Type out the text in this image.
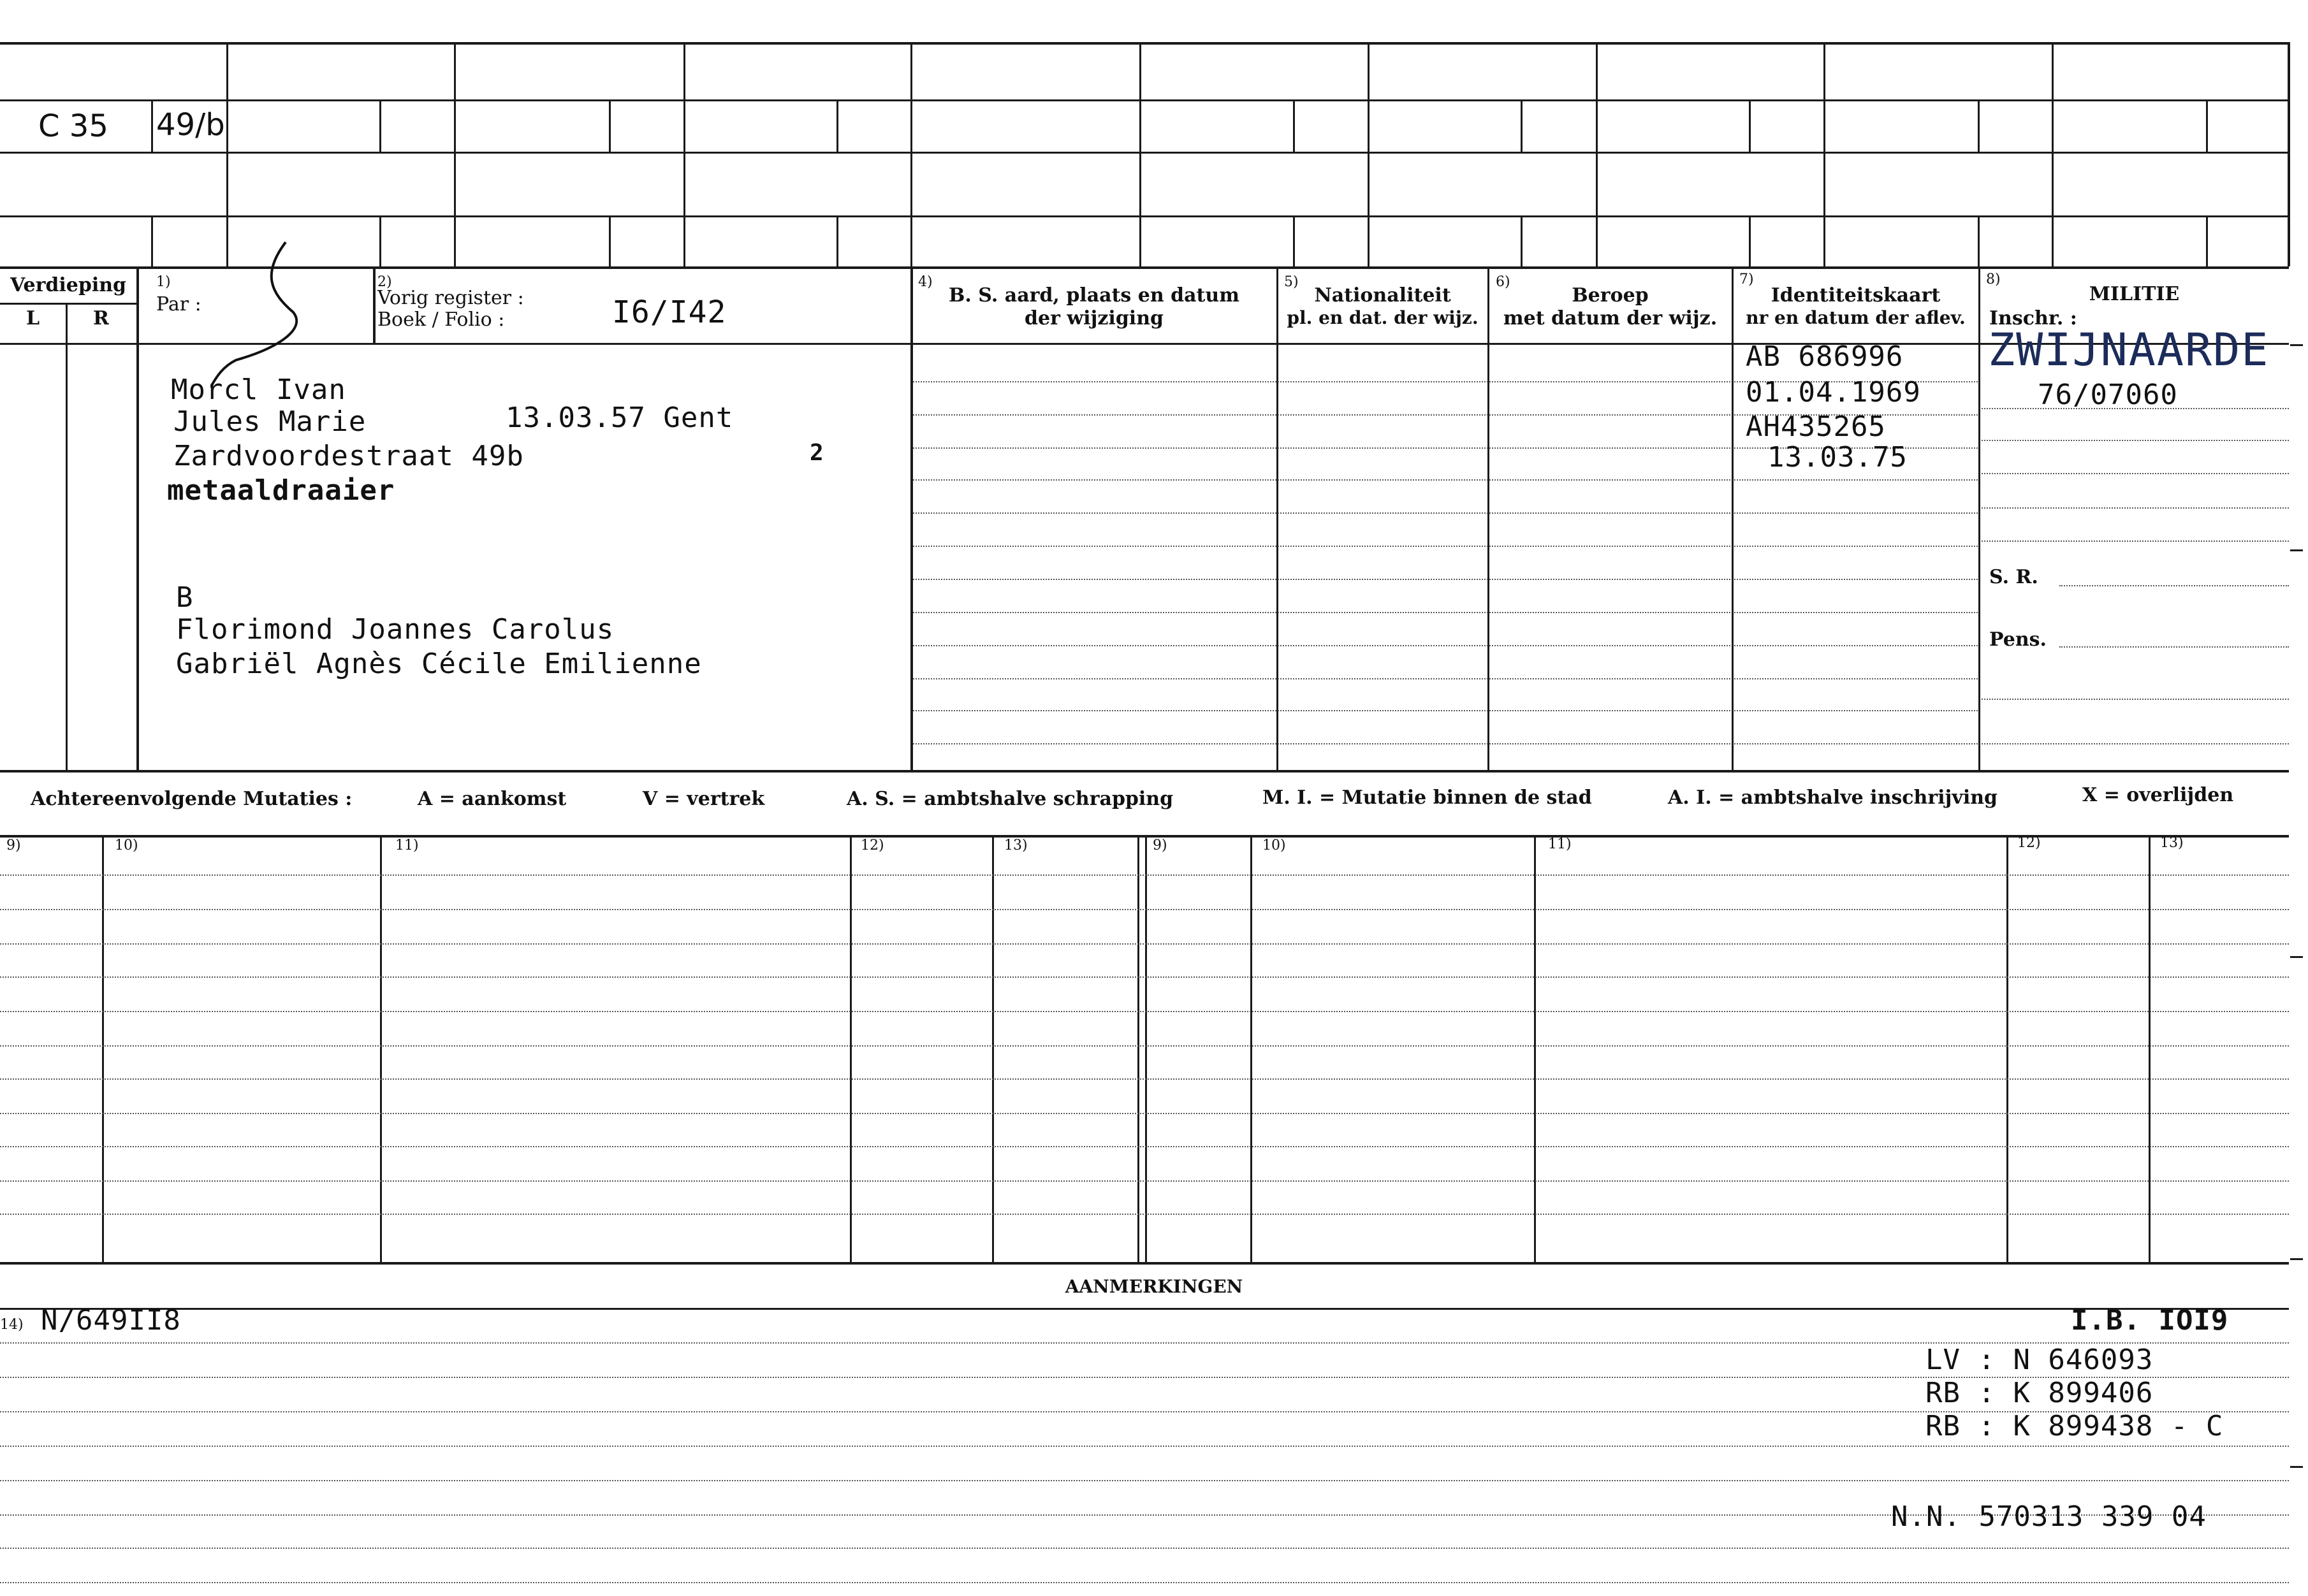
C 35 49/b
Verdieping
L	R
1)
Par :
2)
Vorig register :
Boek / Folio :	I6/I42
4)
B. S. aard, plaats en datum
der wijziging
5)
Nationaliteit
pl. en dat. der wijz.
6)
Beroep
met datum der wijz.
7)
Identiteitskaart
nr en datum der aflev.
8)
MILITIE
Inschr. :
S. R.
Pens.
Morcl Ivan
Jules Marie	13.03.57 Gent
Zardvoordestraat 49b	2
metaaldraaier
B
Florimond Joannes Carolus
Gabriël Agnès Cécile Emilienne
AB 686996
01.04.1969
AH435265
13.03.75
ZWIJNAARDE
76/07060
Achtereenvolgende Mutaties :	A = aankomst	V = vertrek	A. S. = ambtshalve schrapping	M. I. = Mutatie binnen de stad	A. I. = ambtshalve inschrijving	X = overlijden
9)	10)	11)	12)	13)	9)	10)	11)	12)	13)
AANMERKINGEN
14) N/649II8	I.B. IOI9
LV : N 646093
RB : K 899406
RB : K 899438 - C
N.N. 570313 339 04
